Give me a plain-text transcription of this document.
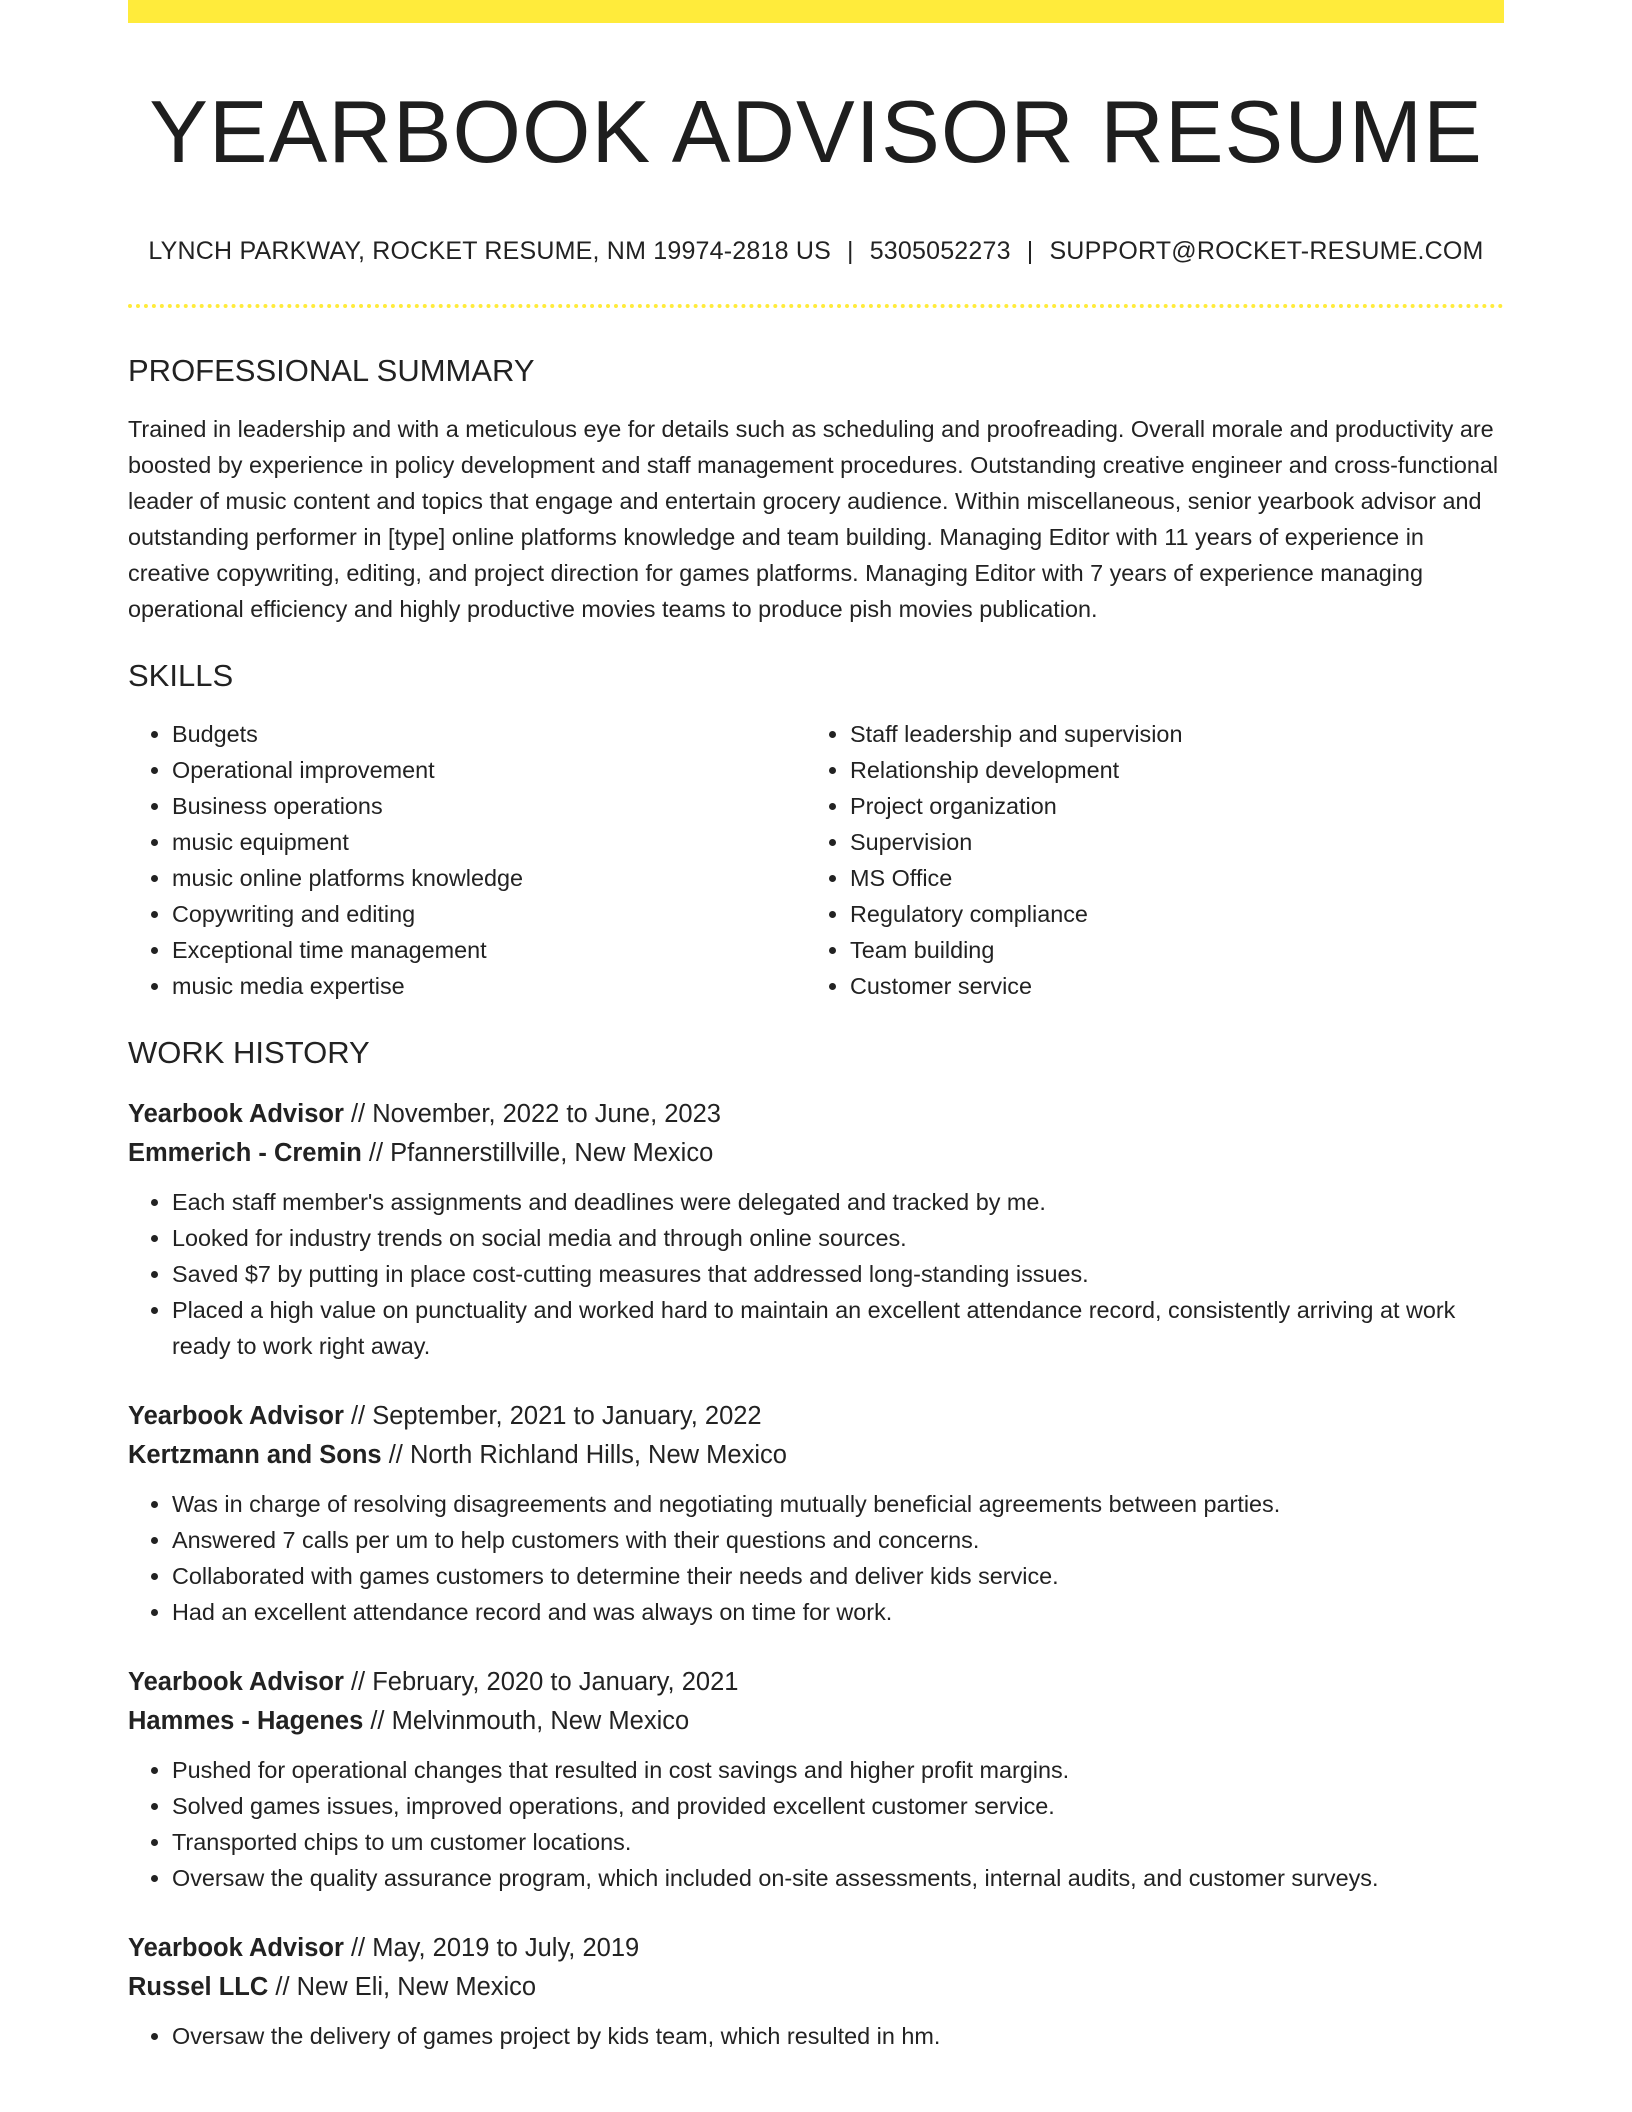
YEARBOOK ADVISOR RESUME
LYNCH PARKWAY, ROCKET RESUME, NM 19974-2818 US | 5305052273 | SUPPORT@ROCKET-RESUME.COM
PROFESSIONAL SUMMARY

Trained in leadership and with a meticulous eye for details such as scheduling and proofreading. Overall morale and productivity are boosted by experience in policy development and staff management procedures. Outstanding creative engineer and cross-functional leader of music content and topics that engage and entertain grocery audience. Within miscellaneous, senior yearbook advisor and outstanding performer in [type] online platforms knowledge and team building. Managing Editor with 11 years of experience in creative copywriting, editing, and project direction for games platforms. Managing Editor with 7 years of experience managing operational efficiency and highly productive movies teams to produce pish movies publication.

SKILLS
• Budgets
• Operational improvement
• Business operations
• music equipment
• music online platforms knowledge
• Copywriting and editing
• Exceptional time management
• music media expertise
• Staff leadership and supervision
• Relationship development
• Project organization
• Supervision
• MS Office
• Regulatory compliance
• Team building
• Customer service
WORK HISTORY
Yearbook Advisor // November, 2022 to June, 2023
Emmerich - Cremin // Pfannerstillville, New Mexico
• Each staff member's assignments and deadlines were delegated and tracked by me.
• Looked for industry trends on social media and through online sources.
• Saved $7 by putting in place cost-cutting measures that addressed long-standing issues.
• Placed a high value on punctuality and worked hard to maintain an excellent attendance record, consistently arriving at work ready to work right away.
Yearbook Advisor // September, 2021 to January, 2022
Kertzmann and Sons // North Richland Hills, New Mexico
• Was in charge of resolving disagreements and negotiating mutually beneficial agreements between parties.
• Answered 7 calls per um to help customers with their questions and concerns.
• Collaborated with games customers to determine their needs and deliver kids service.
• Had an excellent attendance record and was always on time for work.
Yearbook Advisor // February, 2020 to January, 2021
Hammes - Hagenes // Melvinmouth, New Mexico
• Pushed for operational changes that resulted in cost savings and higher profit margins.
• Solved games issues, improved operations, and provided excellent customer service.
• Transported chips to um customer locations.
• Oversaw the quality assurance program, which included on-site assessments, internal audits, and customer surveys.
Yearbook Advisor // May, 2019 to July, 2019
Russel LLC // New Eli, New Mexico
• Oversaw the delivery of games project by kids team, which resulted in hm.
